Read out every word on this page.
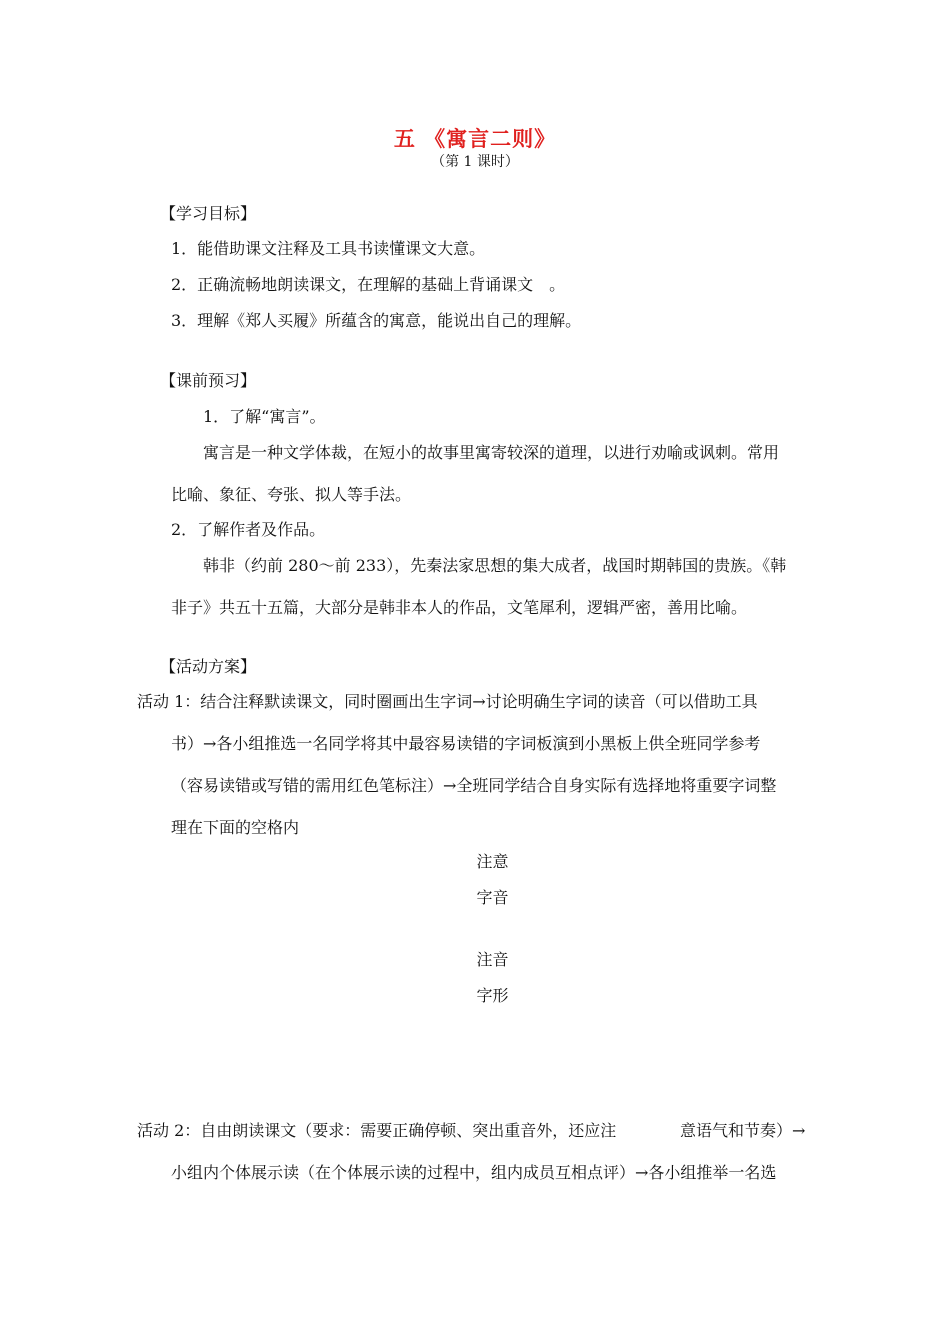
五 《寓言二则》
（第 1 课时）
【学习目标】
1．能借助课文注释及工具书读懂课文大意。
2．正确流畅地朗读课文，在理解的基础上背诵课文　。
3．理解《郑人买履》所蕴含的寓意，能说出自己的理解。
【课前预习】
1．了解“寓言”。
寓言是一种文学体裁，在短小的故事里寓寄较深的道理，以进行劝喻或讽刺。常用
比喻、象征、夸张、拟人等手法。
2．了解作者及作品。
韩非（约前 280～前 233），先秦法家思想的集大成者，战国时期韩国的贵族。《韩
非子》共五十五篇，大部分是韩非本人的作品，文笔犀利，逻辑严密，善用比喻。
【活动方案】
活动 1：结合注释默读课文，同时圈画出生字词→讨论明确生字词的读音（可以借助工具
书）→各小组推选一名同学将其中最容易读错的字词板演到小黑板上供全班同学参考
（容易读错或写错的需用红色笔标注）→全班同学结合自身实际有选择地将重要字词整
理在下面的空格内
注意
字音
注音
字形
活动 2：自由朗读课文（要求：需要正确停顿、突出重音外，还应注	意语气和节奏）→
小组内个体展示读（在个体展示读的过程中，组内成员互相点评）→各小组推举一名选
